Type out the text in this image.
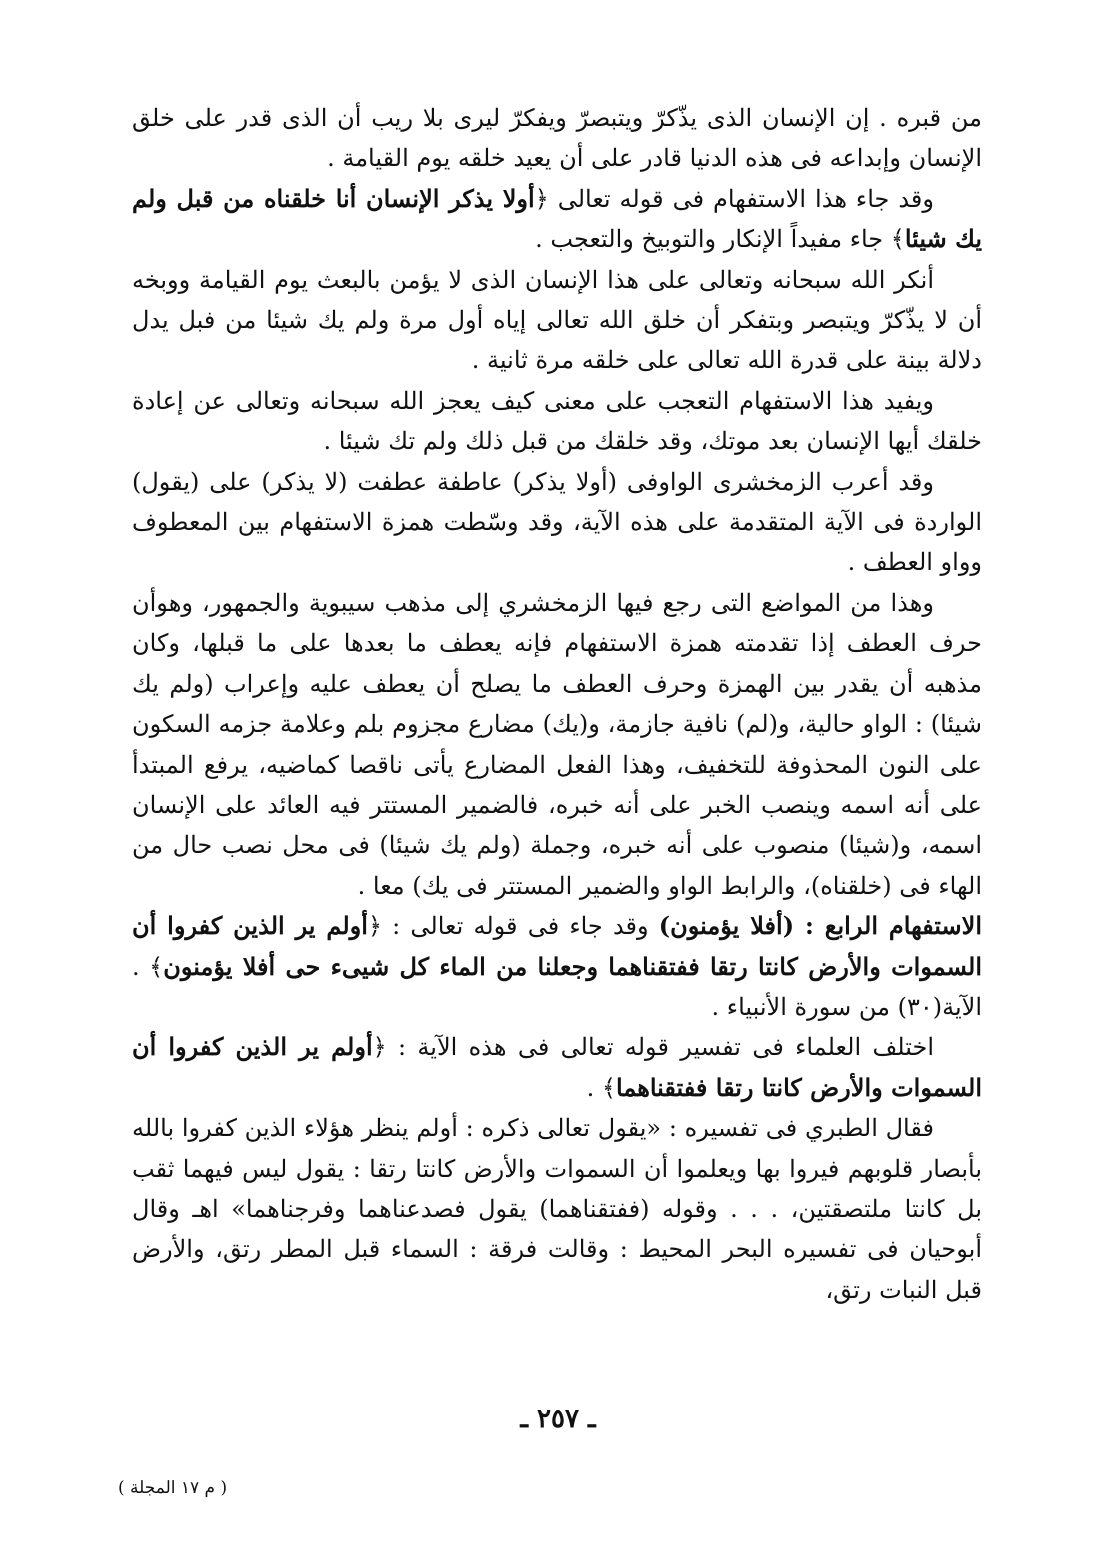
من قبره . إن الإنسان الذى يذّكرّ ويتبصرّ ويفكرّ ليرى بلا ريب أن الذى قدر على خلق الإنسان وإبداعه فى هذه الدنيا قادر على أن يعيد خلقه يوم القيامة .

وقد جاء هذا الاستفهام فى قوله تعالى ﴿أولا يذكر الإنسان أنا خلقناه من قبل ولم يك شيئا﴾ جاء مفيداً الإنكار والتوبيخ والتعجب .

أنكر الله سبحانه وتعالى على هذا الإنسان الذى لا يؤمن بالبعث يوم القيامة ووبخه أن لا يذّكرّ ويتبصر وبتفكر أن خلق الله تعالى إياه أول مرة ولم يك شيئا من فبل يدل دلالة بينة على قدرة الله تعالى على خلقه مرة ثانية .

ويفيد هذا الاستفهام التعجب على معنى كيف يعجز الله سبحانه وتعالى عن إعادة خلقك أيها الإنسان بعد موتك، وقد خلقك من قبل ذلك ولم تك شيئا .

وقد أعرب الزمخشرى الواوفى (أولا يذكر) عاطفة عطفت (لا يذكر) على (يقول) الواردة فى الآية المتقدمة على هذه الآية، وقد وسّطت همزة الاستفهام بين المعطوف وواو العطف .

وهذا من المواضع التى رجع فيها الزمخشري إلى مذهب سيبوية والجمهور، وهوأن حرف العطف إذا تقدمته همزة الاستفهام فإنه يعطف ما بعدها على ما قبلها، وكان مذهبه أن يقدر بين الهمزة وحرف العطف ما يصلح أن يعطف عليه وإعراب (ولم يك شيئا) : الواو حالية، و(لم) نافية جازمة، و(يك) مضارع مجزوم بلم وعلامة جزمه السكون على النون المحذوفة للتخفيف، وهذا الفعل المضارع يأتى ناقصا كماضيه، يرفع المبتدأ على أنه اسمه وينصب الخبر على أنه خبره، فالضمير المستتر فيه العائد على الإنسان اسمه، و(شيئا) منصوب على أنه خبره، وجملة (ولم يك شيئا) فى محل نصب حال من الهاء فى (خلقناه)، والرابط الواو والضمير المستتر فى يك) معا .

الاستفهام الرابع : (أفلا يؤمنون) وقد جاء فى قوله تعالى : ﴿أولم ير الذين كفروا أن السموات والأرض كانتا رتقا ففتقناهما وجعلنا من الماء كل شيىء حى أفلا يؤمنون﴾ . الآية(٣٠) من سورة الأنبياء .

اختلف العلماء فى تفسير قوله تعالى فى هذه الآية : ﴿أولم ير الذين كفروا أن السموات والأرض كانتا رتقا ففتقناهما﴾ .

فقال الطبري فى تفسيره : «يقول تعالى ذكره : أولم ينظر هؤلاء الذين كفروا بالله بأبصار قلوبهم فيروا بها ويعلموا أن السموات والأرض كانتا رتقا : يقول ليس فيهما ثقب بل كانتا ملتصقتين، . . . وقوله (ففتقناهما) يقول فصدعناهما وفرجناهما» اهـ وقال أبوحيان فى تفسيره البحر المحيط : وقالت فرقة : السماء قبل المطر رتق، والأرض قبل النبات رتق،

ـ ٢٥٧ ـ
( م ١٧ المجلة )
